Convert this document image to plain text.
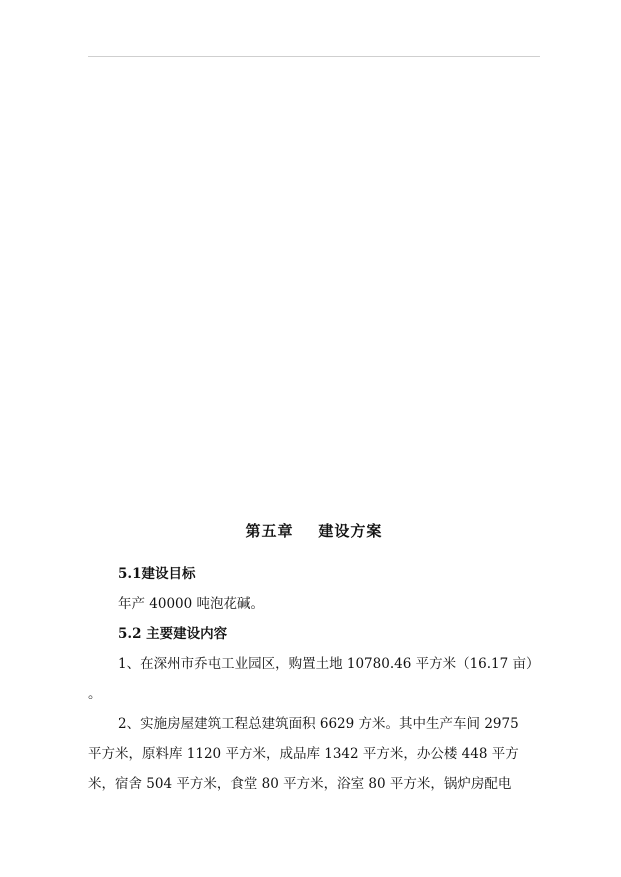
第五章    建设方案
5.1建设目标
年产 40000 吨泡花碱。
5.2 主要建设内容
1、在深州市乔屯工业园区，购置土地 10780.46 平方米（16.17 亩）
。
2、实施房屋建筑工程总建筑面积 6629 方米。其中生产车间 2975
平方米，原料库 1120 平方米，成品库 1342 平方米，办公楼 448 平方
米，宿舍 504 平方米，食堂 80 平方米，浴室 80 平方米，锅炉房配电
